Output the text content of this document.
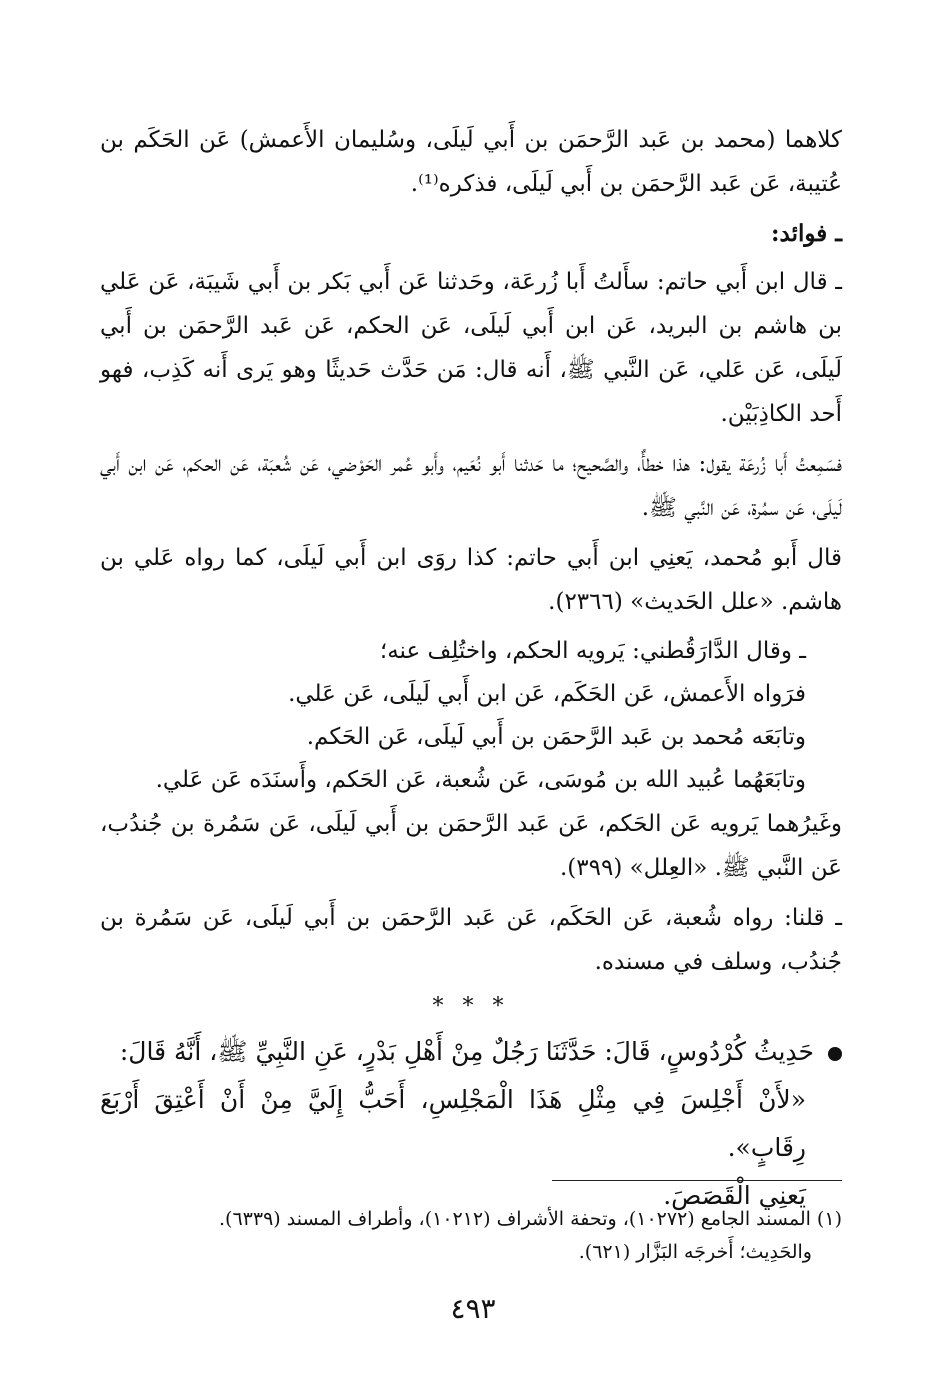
كلاهما (محمد بن عَبد الرَّحمَن بن أَبي لَيلَى، وسُليمان الأَعمش) عَن الحَكَم بن عُتيبة، عَن عَبد الرَّحمَن بن أَبي لَيلَى، فذكره⁽¹⁾.

ـ فوائد:

ـ قال ابن أَبي حاتم: سأَلتُ أَبا زُرعَة، وحَدثنا عَن أَبي بَكر بن أَبي شَيبَة، عَن عَلي بن هاشم بن البريد، عَن ابن أَبي لَيلَى، عَن الحكم، عَن عَبد الرَّحمَن بن أَبي لَيلَى، عَن عَلي، عَن النَّبي ﷺ، أَنه قال: مَن حَدَّث حَديثًا وهو يَرى أَنه كَذِب، فهو أَحد الكاذِبَيْن.

فسَمِعتُ أَبا زُرعَة يقول: هذا خطأٌ، والصَّحيح؛ ما حَدثنا أَبو نُعَيم، وأَبو عُمر الحَوْضي، عَن شُعبَة، عَن الحكم، عَن ابن أَبي لَيلَى، عَن سمُرة، عَن النَّبي ﷺ.

قال أَبو مُحمد، يَعنِي ابن أَبي حاتم: كذا روَى ابن أَبي لَيلَى، كما رواه عَلي بن هاشم. «علل الحَديث» (٢٣٦٦).

ـ وقال الدَّارَقُطني: يَرويه الحكم، واختُلِف عنه؛

فرَواه الأَعمش، عَن الحَكَم، عَن ابن أَبي لَيلَى، عَن عَلي.

وتابَعَه مُحمد بن عَبد الرَّحمَن بن أَبي لَيلَى، عَن الحَكم.

وتابَعَهُما عُبيد الله بن مُوسَى، عَن شُعبة، عَن الحَكم، وأَسنَدَه عَن عَلي.

وغَيرُهما يَرويه عَن الحَكم، عَن عَبد الرَّحمَن بن أَبي لَيلَى، عَن سَمُرة بن جُندُب، عَن النَّبي ﷺ. «العِلل» (٣٩٩).

ـ قلنا: رواه شُعبة، عَن الحَكَم، عَن عَبد الرَّحمَن بن أَبي لَيلَى، عَن سَمُرة بن جُندُب، وسلف في مسنده.

* * *

حَدِيثُ كُرْدُوسٍ، قَالَ: حَدَّثَنَا رَجُلٌ مِنْ أَهْلِ بَدْرٍ، عَنِ النَّبِيِّ ﷺ، أَنَّهُ قَالَ:

«لأَنْ أَجْلِسَ فِي مِثْلِ هَذَا الْمَجْلِسِ، أَحَبُّ إِلَيَّ مِنْ أَنْ أَعْتِقَ أَرْبَعَ رِقَابٍ».

يَعنِي الْقَصَصَ.

(١) المسند الجامع (١٠٢٧٢)، وتحفة الأشراف (١٠٢١٢)، وأطراف المسند (٦٣٣٩).

والحَدِيث؛ أَخرجَه البَزَّار (٦٢١).

٤٩٣
